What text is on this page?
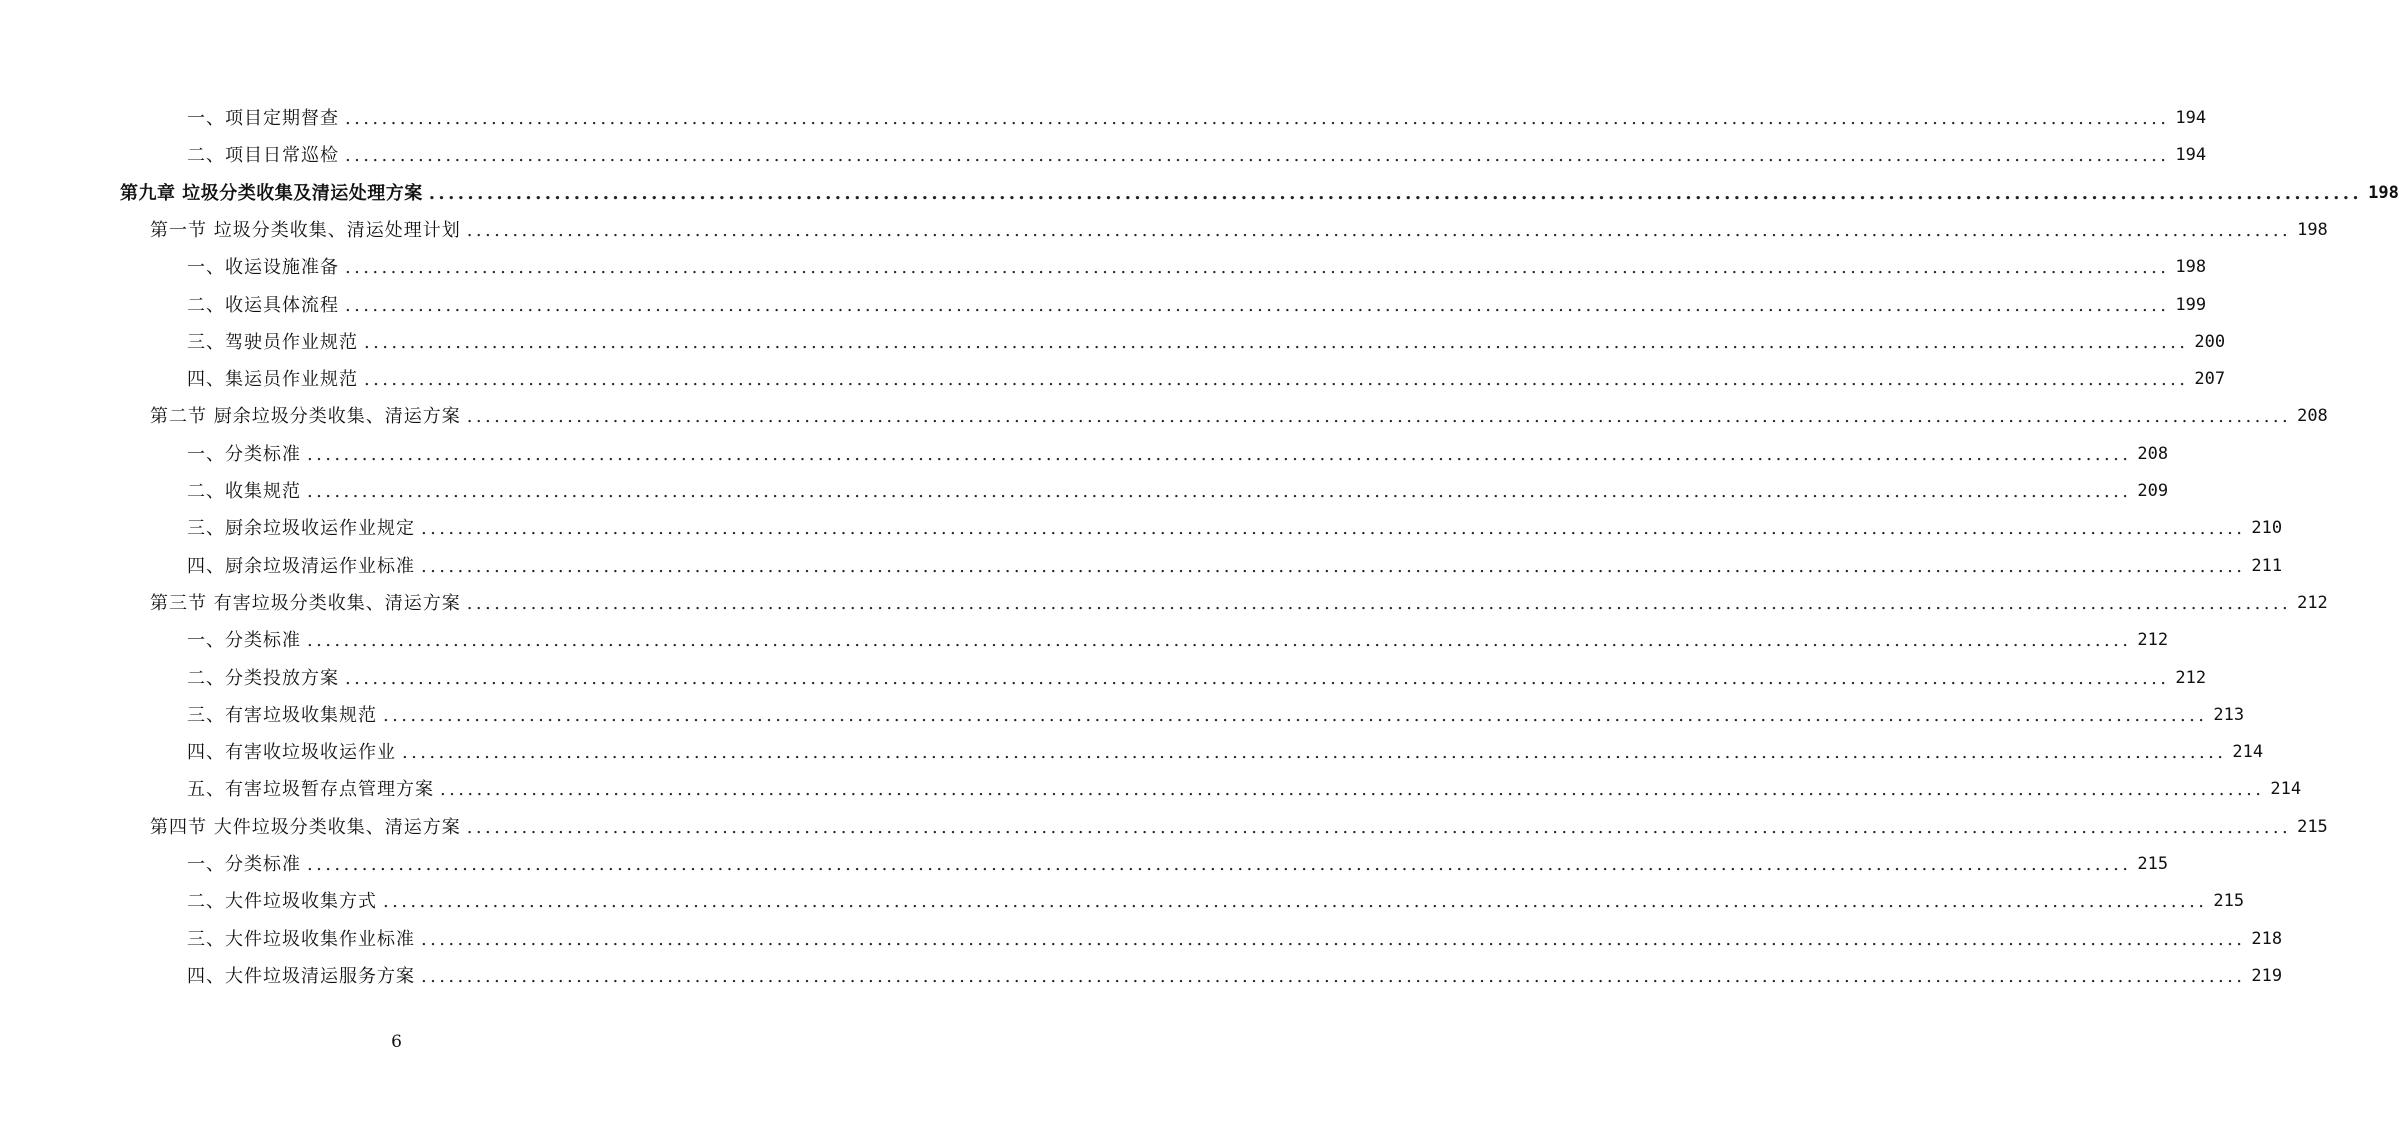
一、项目定期督查 ........................................................................................................................................................................................................ 194
二、项目日常巡检 ........................................................................................................................................................................................................ 194
第九章 垃圾分类收集及清运处理方案 ........................................................................................................................................................................................................ 198
第一节 垃圾分类收集、清运处理计划 ........................................................................................................................................................................................................ 198
一、收运设施准备 ........................................................................................................................................................................................................ 198
二、收运具体流程 ........................................................................................................................................................................................................ 199
三、驾驶员作业规范 ........................................................................................................................................................................................................ 200
四、集运员作业规范 ........................................................................................................................................................................................................ 207
第二节 厨余垃圾分类收集、清运方案 ........................................................................................................................................................................................................ 208
一、分类标准 ........................................................................................................................................................................................................ 208
二、收集规范 ........................................................................................................................................................................................................ 209
三、厨余垃圾收运作业规定 ........................................................................................................................................................................................................ 210
四、厨余垃圾清运作业标准 ........................................................................................................................................................................................................ 211
第三节 有害垃圾分类收集、清运方案 ........................................................................................................................................................................................................ 212
一、分类标准 ........................................................................................................................................................................................................ 212
二、分类投放方案 ........................................................................................................................................................................................................ 212
三、有害垃圾收集规范 ........................................................................................................................................................................................................ 213
四、有害收垃圾收运作业 ........................................................................................................................................................................................................ 214
五、有害垃圾暂存点管理方案 ........................................................................................................................................................................................................ 214
第四节 大件垃圾分类收集、清运方案 ........................................................................................................................................................................................................ 215
一、分类标准 ........................................................................................................................................................................................................ 215
二、大件垃圾收集方式 ........................................................................................................................................................................................................ 215
三、大件垃圾收集作业标准 ........................................................................................................................................................................................................ 218
四、大件垃圾清运服务方案 ........................................................................................................................................................................................................ 219
6
